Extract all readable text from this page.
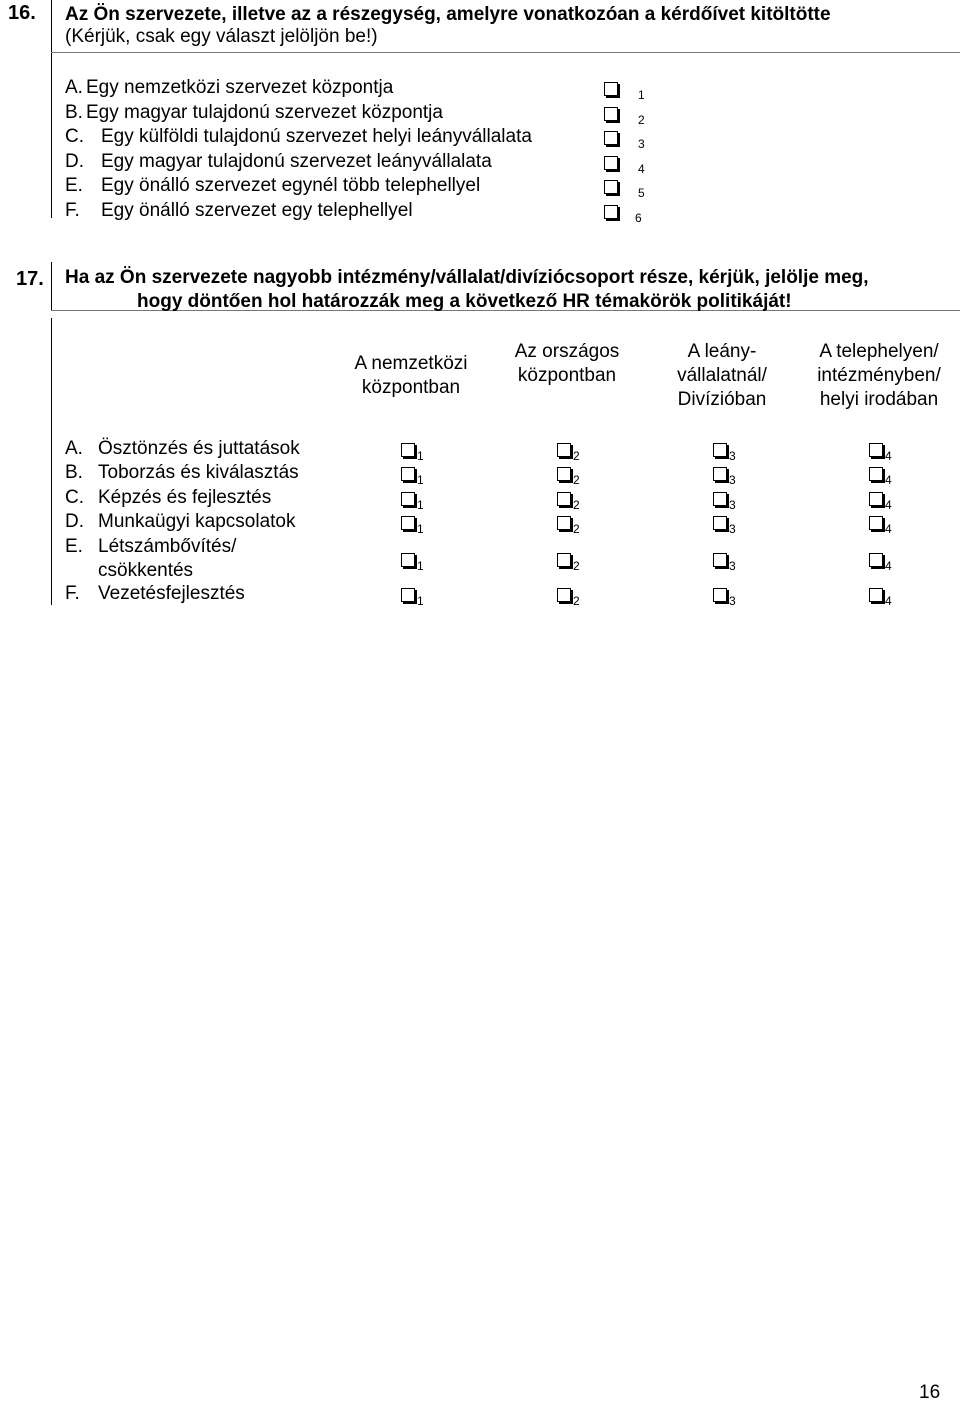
16. Az Ön szervezete, illetve az a részegység, amelyre vonatkozóan a kérdőívet kitöltötte
(Kérjük, csak egy választ jelöljön be!)
A. Egy nemzetközi szervezet központja	1
B. Egy magyar tulajdonú szervezet központja	2
C. Egy külföldi tulajdonú szervezet helyi leányvállalata	3
D. Egy magyar tulajdonú szervezet leányvállalata	4
E. Egy önálló szervezet egynél több telephellyel	5
F. Egy önálló szervezet egy telephellyel	6
17. Ha az Ön szervezete nagyobb intézmény/vállalat/divíziócsoport része, kérjük, jelölje meg,
hogy döntően hol határozzák meg a következő HR témakörök politikáját!
A nemzetközi
központban
Az országos
központban
A leány-
vállalatnál/
Divízióban
A telephelyen/
intézményben/
helyi irodában
A. Ösztönzés és juttatások	1	2	3	4
B. Toborzás és kiválasztás	1	2	3	4
C. Képzés és fejlesztés	1	2	3	4
D. Munkaügyi kapcsolatok	1	2	3	4
E. Létszámbővítés/
csökkentés	1	2	3	4
F. Vezetésfejlesztés	1	2	3	4
16
